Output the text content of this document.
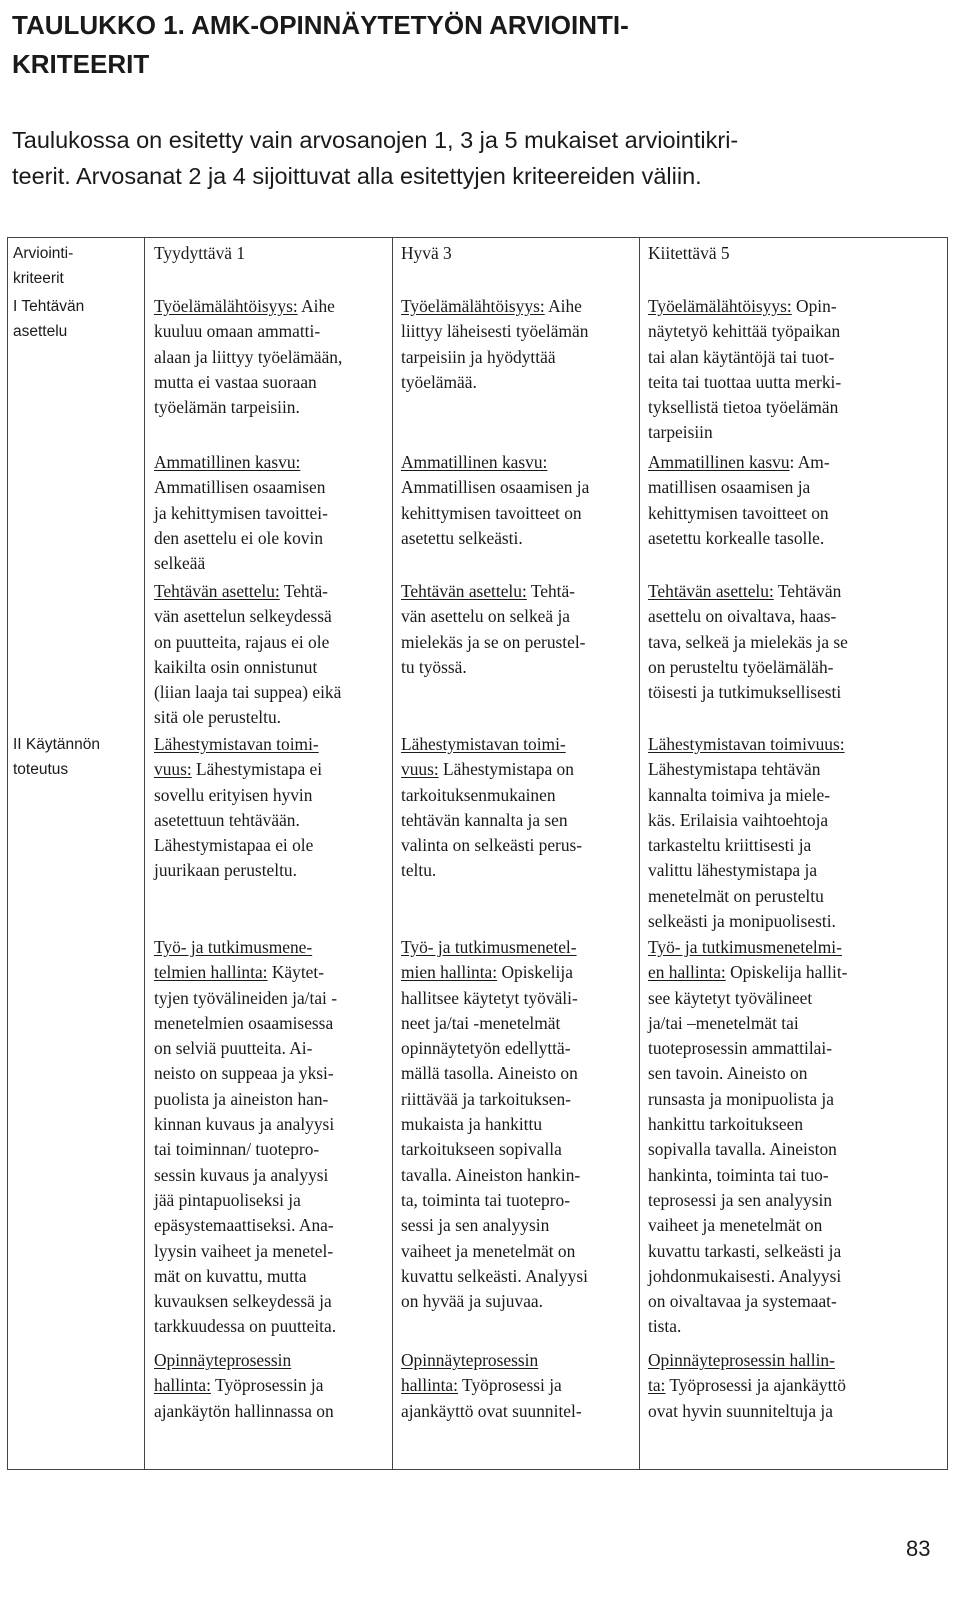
TAULUKKO 1. AMK-OPINNÄYTETYÖN ARVIOINTI-
KRITEERIT

Taulukossa on esitetty vain arvosanojen 1, 3 ja 5 mukaiset arviointikri-
teerit. Arvosanat 2 ja 4 sijoittuvat alla esitettyjen kriteereiden väliin.

Arviointi-
kriteerit
I Tehtävän
asettelu
II Käytännön
toteutus
Tyydyttävä 1	Hyvä 3	Kiitettävä 5
Työelämälähtöisyys: Aihe
kuuluu omaan ammatti-
alaan ja liittyy työelämään,
mutta ei vastaa suoraan
työelämän tarpeisiin.
Ammatillinen kasvu:
Ammatillisen osaamisen
ja kehittymisen tavoittei-
den asettelu ei ole kovin
selkeää
Tehtävän asettelu: Tehtä-
vän asettelun selkeydessä
on puutteita, rajaus ei ole
kaikilta osin onnistunut
(liian laaja tai suppea) eikä
sitä ole perusteltu.
Lähestymistavan toimi-
vuus: Lähestymistapa ei
sovellu erityisen hyvin
asetettuun tehtävään.
Lähestymistapaa ei ole
juurikaan perusteltu.
Työ- ja tutkimusmene-
telmien hallinta: Käytet-
tyjen työvälineiden ja/tai -
menetelmien osaamisessa
on selviä puutteita. Ai-
neisto on suppeaa ja yksi-
puolista ja aineiston han-
kinnan kuvaus ja analyysi
tai toiminnan/ tuotepro-
sessin kuvaus ja analyysi
jää pintapuoliseksi ja
epäsystemaattiseksi. Ana-
lyysin vaiheet ja menetel-
mät on kuvattu, mutta
kuvauksen selkeydessä ja
tarkkuudessa on puutteita.
Opinnäyteprosessin
hallinta: Työprosessin ja
ajankäytön hallinnassa on
Työelämälähtöisyys: Aihe
liittyy läheisesti työelämän
tarpeisiin ja hyödyttää
työelämää.
Ammatillinen kasvu:
Ammatillisen osaamisen ja
kehittymisen tavoitteet on
asetettu selkeästi.
Tehtävän asettelu: Tehtä-
vän asettelu on selkeä ja
mielekäs ja se on perustel-
tu työssä.
Lähestymistavan toimi-
vuus: Lähestymistapa on
tarkoituksenmukainen
tehtävän kannalta ja sen
valinta on selkeästi perus-
teltu.
Työ- ja tutkimusmenetel-
mien hallinta: Opiskelija
hallitsee käytetyt työväli-
neet ja/tai -menetelmät
opinnäytetyön edellyttä-
mällä tasolla. Aineisto on
riittävää ja tarkoituksen-
mukaista ja hankittu
tarkoitukseen sopivalla
tavalla. Aineiston hankin-
ta, toiminta tai tuotepro-
sessi ja sen analyysin
vaiheet ja menetelmät on
kuvattu selkeästi. Analyysi
on hyvää ja sujuvaa.
Opinnäyteprosessin
hallinta: Työprosessi ja
ajankäyttö ovat suunnitel-
Työelämälähtöisyys: Opin-
näytetyö kehittää työpaikan
tai alan käytäntöjä tai tuot-
teita tai tuottaa uutta merki-
tyksellistä tietoa työelämän
tarpeisiin
Ammatillinen kasvu: Am-
matillisen osaamisen ja
kehittymisen tavoitteet on
asetettu korkealle tasolle.
Tehtävän asettelu: Tehtävän
asettelu on oivaltava, haas-
tava, selkeä ja mielekäs ja se
on perusteltu työelämäläh-
töisesti ja tutkimuksellisesti
Lähestymistavan toimivuus:
Lähestymistapa tehtävän
kannalta toimiva ja miele-
käs. Erilaisia vaihtoehtoja
tarkasteltu kriittisesti ja
valittu lähestymistapa ja
menetelmät on perusteltu
selkeästi ja monipuolisesti.
Työ- ja tutkimusmenetelmi-
en hallinta: Opiskelija hallit-
see käytetyt työvälineet
ja/tai –menetelmät tai
tuoteprosessin ammattilai-
sen tavoin. Aineisto on
runsasta ja monipuolista ja
hankittu tarkoitukseen
sopivalla tavalla. Aineiston
hankinta, toiminta tai tuo-
teprosessi ja sen analyysin
vaiheet ja menetelmät on
kuvattu tarkasti, selkeästi ja
johdonmukaisesti. Analyysi
on oivaltavaa ja systemaat-
tista.
Opinnäyteprosessin hallin-
ta: Työprosessi ja ajankäyttö
ovat hyvin suunniteltuja ja
83
